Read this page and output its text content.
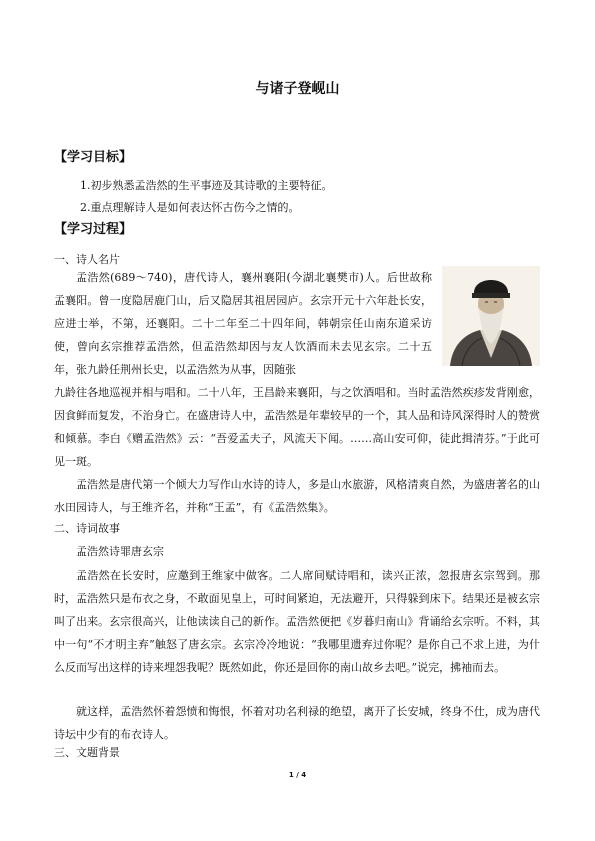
与诸子登岘山
【学习目标】
1.初步熟悉孟浩然的生平事迹及其诗歌的主要特征。
2.重点理解诗人是如何表达怀古伤今之情的。
【学习过程】
一、诗人名片
孟浩然(689～740)，唐代诗人，襄州襄阳(今湖北襄樊市)人。后世故称孟襄阳。曾一度隐居鹿门山，后又隐居其祖居园庐。玄宗开元十六年赴长安，应进士举，不第，还襄阳。二十二年至二十四年间，韩朝宗任山南东道采访使，曾向玄宗推荐孟浩然，但孟浩然却因与友人饮酒而未去见玄宗。二十五年，张九龄任荆州长史，以孟浩然为从事，因随张
九龄往各地巡视并相与唱和。二十八年，王昌龄来襄阳，与之饮酒唱和。当时孟浩然疾疹发背刚愈，因食鲜而复发，不治身亡。在盛唐诗人中，孟浩然是年辈较早的一个，其人品和诗风深得时人的赞赏和倾慕。李白《赠孟浩然》云：“吾爱孟夫子，风流天下闻。……高山安可仰，徒此揖清芬。”于此可见一斑。
孟浩然是唐代第一个倾大力写作山水诗的诗人，多是山水旅游，风格清爽自然，为盛唐著名的山水田园诗人，与王维齐名，并称“王孟”，有《孟浩然集》。
二、诗词故事
孟浩然诗罪唐玄宗
孟浩然在长安时，应邀到王维家中做客。二人席间赋诗唱和，读兴正浓，忽报唐玄宗驾到。那时，孟浩然只是布衣之身，不敢面见皇上，可时间紧迫，无法避开，只得躲到床下。结果还是被玄宗叫了出来。玄宗很高兴，让他读读自己的新作。孟浩然便把《岁暮归南山》背诵给玄宗听。不料，其中一句“不才明主弃”触怒了唐玄宗。玄宗冷冷地说：“我哪里遗弃过你呢？是你自己不求上进，为什么反而写出这样的诗来埋怨我呢？既然如此，你还是回你的南山故乡去吧。”说完，拂袖而去。
就这样，孟浩然怀着怨愤和悔恨，怀着对功名利禄的绝望，离开了长安城，终身不仕，成为唐代诗坛中少有的布衣诗人。
三、文题背景
1 / 4
